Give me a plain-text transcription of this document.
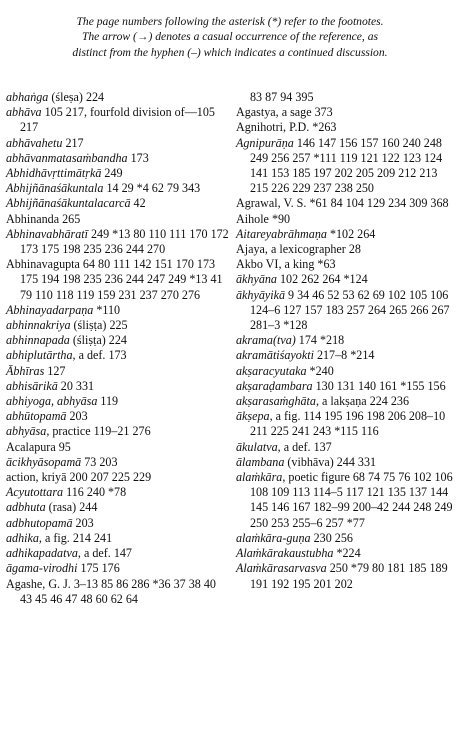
The page numbers following the asterisk (*) refer to the footnotes.
The arrow (→) denotes a casual occurrence of the reference, as
distinct from the hyphen (–) which indicates a continued discussion.
abhaṅga (śleṣa) 224
abhāva 105 217, fourfold division of—105 217
abhāvahetu 217
abhāvanmatasaṁbandha 173
Abhidhāvṛttimātṛkā 249
Abhijñānaśākuntala 14 29 *4 62 79 343
Abhijñānaśākuntalacarcā 42
Abhinanda 265
Abhinavabhāratī 249 *13 80 110 111 170 172 173 175 198 235 236 244 270
Abhinavagupta 64 80 111 142 151 170 173 175 194 198 235 236 244 247 249 *13 41 79 110 118 119 159 231 237 270 276
Abhinayadarpaṇa *110
abhinnakriya (śliṣṭa) 225
abhinnapada (śliṣṭa) 224
abhiplutārtha, a def. 173
Ābhīras 127
abhisārikā 20 331
abhiyoga, abhyāsa 119
abhūtopamā 203
abhyāsa, practice 119–21 276
Acalapura 95
ācikhyāsopamā 73 203
action, kriyā 200 207 225 229
Acyutottara 116 240 *78
adbhuta (rasa) 244
adbhutopamā 203
adhika, a fig. 214 241
adhikapadatva, a def. 147
āgama-virodhi 175 176
Agashe, G. J. 3–13 85 86 286 *36 37 38 40 43 45 46 47 48 60 62 64
83 87 94 395
Agastya, a sage 373
Agnihotri, P.D. *263
Agnipurāṇa 146 147 156 157 160 240 248 249 256 257 *111 119 121 122 123 124 141 153 185 197 202 205 209 212 213 215 226 229 237 238 250
Agrawal, V. S. *61 84 104 129 234 309 368
Aihole *90
Aitareyabrāhmaṇa *102 264
Ajaya, a lexicographer 28
Akbo VI, a king *63
ākhyāna 102 262 264 *124
ākhyāyikā 9 34 46 52 53 62 69 102 105 106 124–6 127 157 183 257 264 265 266 267 281–3 *128
akrama(tva) 174 *218
akramātiśayokti 217–8 *214
akṣaracyutaka *240
akṣaraḍambara 130 131 140 161 *155 156
akṣarasaṁghāta, a lakṣaṇa 224 236
ākṣepa, a fig. 114 195 196 198 206 208–10 211 225 241 243 *115 116
ākulatva, a def. 137
ālambana (vibhāva) 244 331
alaṁkāra, poetic figure 68 74 75 76 102 106 108 109 113 114–5 117 121 135 137 144 145 146 167 182–99 200–42 244 248 249 250 253 255–6 257 *77
alaṁkāra-guṇa 230 256
Alaṁkārakaustubha *224
Alaṁkārasarvasva 250 *79 80 181 185 189 191 192 195 201 202
